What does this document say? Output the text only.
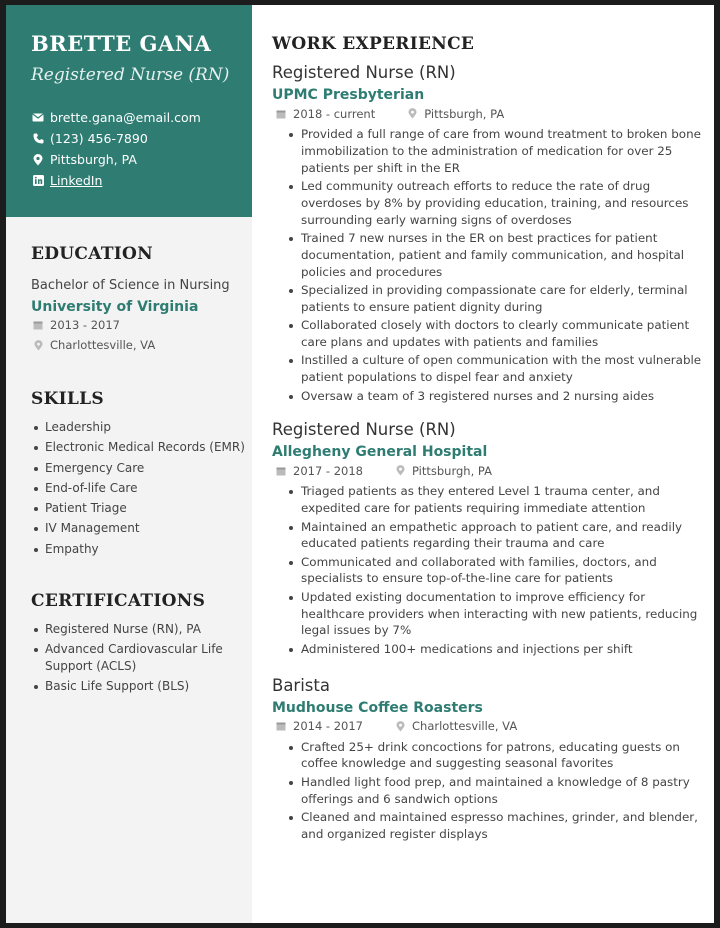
BRETTE GANA
Registered Nurse (RN)
brette.gana@email.com
(123) 456-7890
Pittsburgh, PA
LinkedIn
EDUCATION
Bachelor of Science in Nursing
University of Virginia
2013 - 2017
Charlottesville, VA
SKILLS
Leadership
Electronic Medical Records (EMR)
Emergency Care
End-of-life Care
Patient Triage
IV Management
Empathy
CERTIFICATIONS
Registered Nurse (RN), PA
Advanced Cardiovascular Life Support (ACLS)
Basic Life Support (BLS)
WORK EXPERIENCE
Registered Nurse (RN)
UPMC Presbyterian
2018 - current	Pittsburgh, PA
Provided a full range of care from wound treatment to broken bone immobilization to the administration of medication for over 25 patients per shift in the ER
Led community outreach efforts to reduce the rate of drug overdoses by 8% by providing education, training, and resources surrounding early warning signs of overdoses
Trained 7 new nurses in the ER on best practices for patient documentation, patient and family communication, and hospital policies and procedures
Specialized in providing compassionate care for elderly, terminal patients to ensure patient dignity during
Collaborated closely with doctors to clearly communicate patient care plans and updates with patients and families
Instilled a culture of open communication with the most vulnerable patient populations to dispel fear and anxiety
Oversaw a team of 3 registered nurses and 2 nursing aides
Registered Nurse (RN)
Allegheny General Hospital
2017 - 2018	Pittsburgh, PA
Triaged patients as they entered Level 1 trauma center, and expedited care for patients requiring immediate attention
Maintained an empathetic approach to patient care, and readily educated patients regarding their trauma and care
Communicated and collaborated with families, doctors, and specialists to ensure top-of-the-line care for patients
Updated existing documentation to improve efficiency for healthcare providers when interacting with new patients, reducing legal issues by 7%
Administered 100+ medications and injections per shift
Barista
Mudhouse Coffee Roasters
2014 - 2017	Charlottesville, VA
Crafted 25+ drink concoctions for patrons, educating guests on coffee knowledge and suggesting seasonal favorites
Handled light food prep, and maintained a knowledge of 8 pastry offerings and 6 sandwich options
Cleaned and maintained espresso machines, grinder, and blender, and organized register displays
